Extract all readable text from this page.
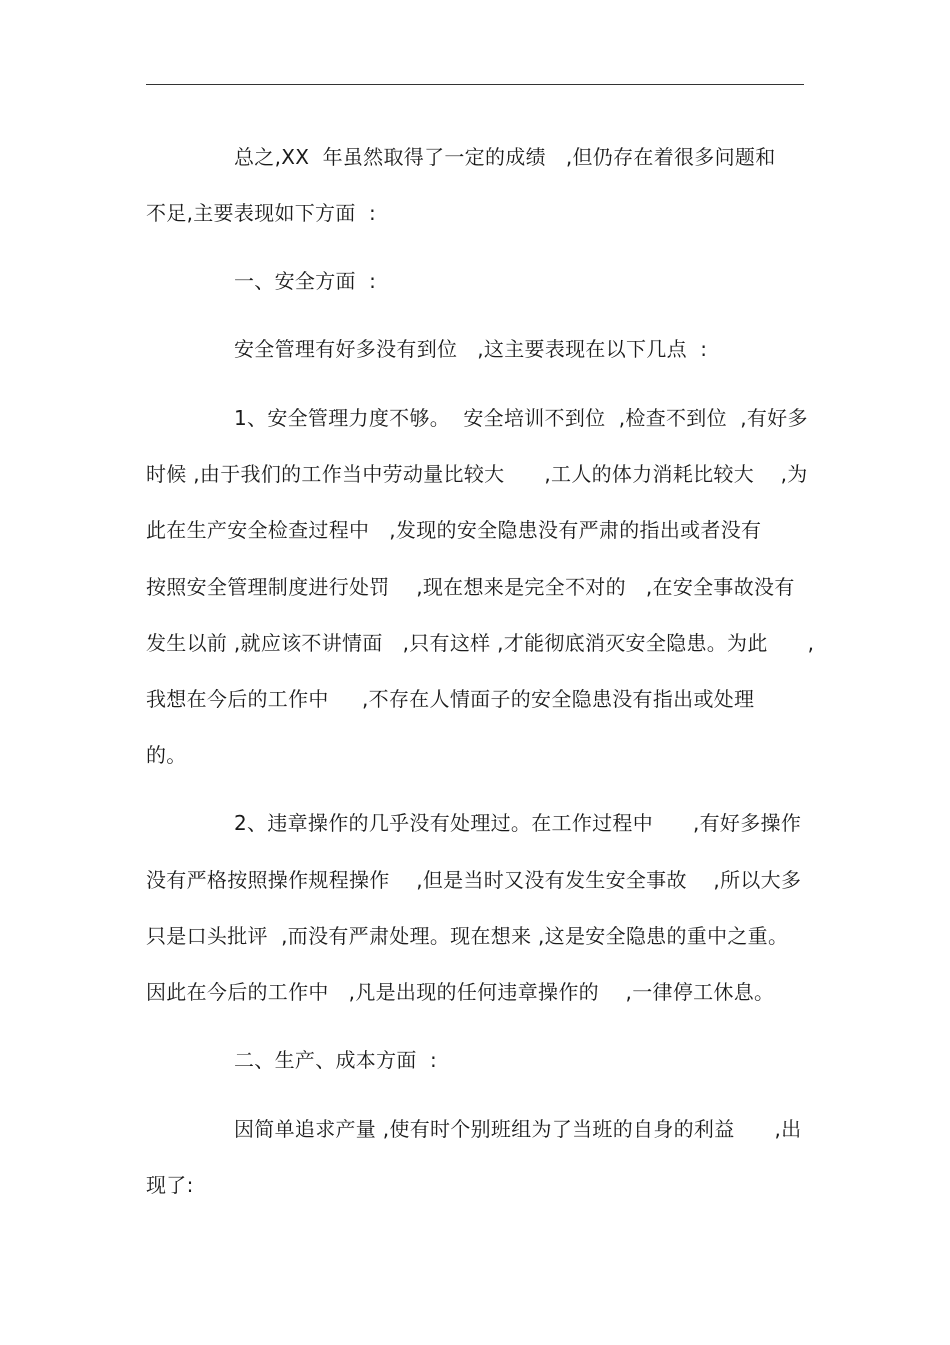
总之,XX  年虽然取得了一定的成绩   ,但仍存在着很多问题和
不足,主要表现如下方面  :
一、安全方面  :
安全管理有好多没有到位   ,这主要表现在以下几点  :
1、安全管理力度不够。  安全培训不到位  ,检查不到位  ,有好多
时候 ,由于我们的工作当中劳动量比较大      ,工人的体力消耗比较大    ,为
此在生产安全检查过程中   ,发现的安全隐患没有严肃的指出或者没有
按照安全管理制度进行处罚    ,现在想来是完全不对的   ,在安全事故没有
发生以前 ,就应该不讲情面   ,只有这样 ,才能彻底消灭安全隐患。为此      ,
我想在今后的工作中     ,不存在人情面子的安全隐患没有指出或处理
的。
2、违章操作的几乎没有处理过。在工作过程中      ,有好多操作
没有严格按照操作规程操作    ,但是当时又没有发生安全事故    ,所以大多
只是口头批评  ,而没有严肃处理。现在想来 ,这是安全隐患的重中之重。
因此在今后的工作中   ,凡是出现的任何违章操作的    ,一律停工休息。
二、生产、成本方面  :
因简单追求产量 ,使有时个别班组为了当班的自身的利益      ,出
现了:
